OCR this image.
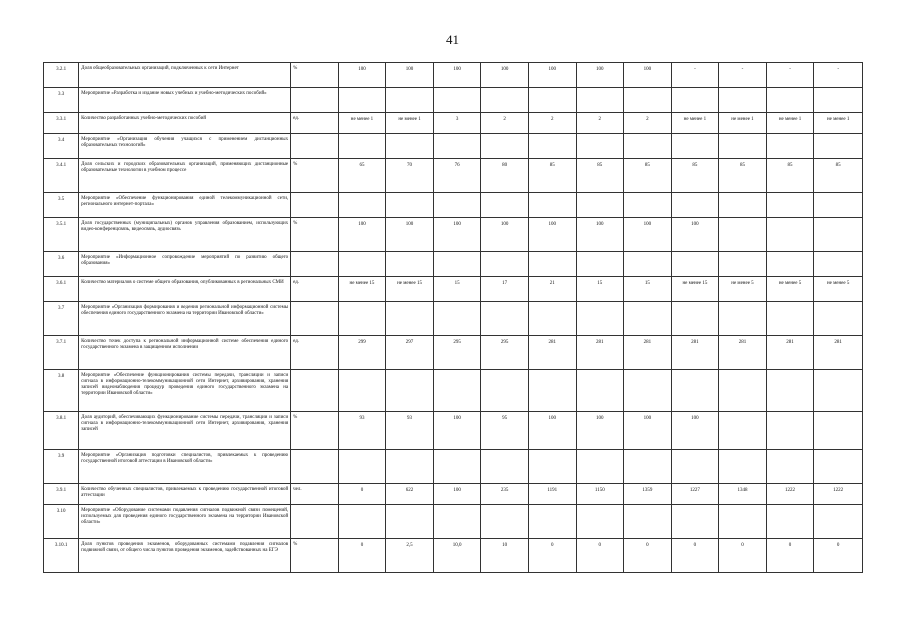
41
3.2.1	Доля общеобразовательных организаций, подключенных к сети Интернет	%	100	100	100	100	100	100	100	-	-	-	-
3.3	Мероприятие «Разработка и издание новых учебных и учебно-методических пособий»												
3.3.1	Количество разработанных учебно-методических пособий	ед.	не менее 1	не менее 1	3	2	2	2	2	не менее 1	не менее 1	не менее 1	не менее 1
3.4	Мероприятие «Организация обучения учащихся с применением дистанционных образовательных технологий»												
3.4.1	Доля сельских и городских образовательных организаций, применяющих дистанционные образовательные технологии в учебном процессе	%	65	70	76	80	85	85	85	85	85	85	85
3.5	Мероприятие «Обеспечение функционирования единой телекоммуникационной сети, регионального интернет-портала»												
3.5.1	Доля государственных (муниципальных) органов управления образованием, использующих видео-конференцсвязь, видеосвязь, аудиосвязь	%	100	100	100	100	100	100	100	100			
3.6	Мероприятие «Информационное сопровождение мероприятий по развитию общего образования»												
3.6.1	Количество материалов о системе общего образования, опубликованных в региональных СМИ	ед.	не менее 15	не менее 15	15	17	21	15	15	не менее 15	не менее 5	не менее 5	не менее 5
3.7	Мероприятие «Организация формирования и ведения региональной информационной системы обеспечения единого государственного экзамена на территории Ивановской области»												
3.7.1	Количество точек доступа к региональной информационной системе обеспечения единого государственного экзамена в защищенном исполнении	ед.	299	297	295	295	281	281	281	281	281	281	281
3.8	Мероприятие «Обеспечение функционирования системы передачи, трансляции и записи сигнала в информационно-телекоммуникационной сети Интернет, архивирования, хранения записей видеонаблюдения процедур проведения единого государственного экзамена на территории Ивановской области»												
3.8.1	Доля аудиторий, обеспечивающих функционирование системы передачи, трансляции и записи сигнала в информационно-телекоммуникационной сети Интернет, архивирования, хранения записей	%	93	93	100	95	100	100	100	100			
3.9	Мероприятие «Организация подготовки специалистов, привлекаемых к проведению государственной итоговой аттестации в Ивановской области»												
3.9.1	Количество обученных специалистов, привлекаемых к проведению государственной итоговой аттестации	чел.	0	622	100	235	1191	1150	1359	1227	1348	1222	1222
3.10	Мероприятие «Оборудование системами подавления сигналов подвижной связи помещений, используемых для проведения единого государственного экзамена на территории Ивановской области»												
3.10.1	Доля пунктов проведения экзаменов, оборудованных системами подавления сигналов подвижной связи, от общего числа пунктов проведения экзаменов, задействованных на ЕГЭ	%	0	2,5	10,0	10	0	0	0	0	0	0	0
